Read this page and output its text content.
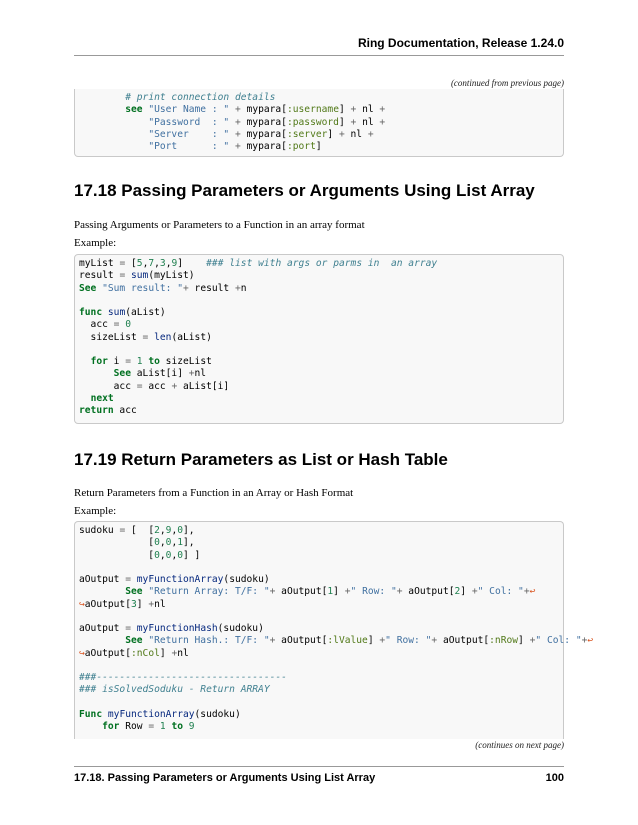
Ring Documentation, Release 1.24.0
(continued from previous page)
# print connection details
see "User Name : " + mypara[:username] + nl +
"Password  : " + mypara[:password] + nl +
"Server    : " + mypara[:server] + nl +
"Port      : " + mypara[:port]
17.18 Passing Parameters or Arguments Using List Array
Passing Arguments or Parameters to a Function in an array format
Example:
myList = [5,7,3,9]    ### list with args or parms in  an array
result = sum(myList)
See "Sum result: "+ result +n

func sum(aList)
acc = 0
sizeList = len(aList)

for i = 1 to sizeList
See aList[i] +nl
acc = acc + aList[i]
next
return acc
17.19 Return Parameters as List or Hash Table
Return Parameters from a Function in an Array or Hash Format
Example:
sudoku = [  [2,9,0],
[0,0,1],
[0,0,0] ]

aOutput = myFunctionArray(sudoku)
See "Return Array: T/F: "+ aOutput[1] +" Row: "+ aOutput[2] +" Col: "+↩
↪aOutput[3] +nl

aOutput = myFunctionHash(sudoku)
See "Return Hash.: T/F: "+ aOutput[:lValue] +" Row: "+ aOutput[:nRow] +" Col: "+↩
↪aOutput[:nCol] +nl

###---------------------------------
### isSolvedSoduku - Return ARRAY

Func myFunctionArray(sudoku)
for Row = 1 to 9
(continues on next page)
17.18. Passing Parameters or Arguments Using List Array	100
